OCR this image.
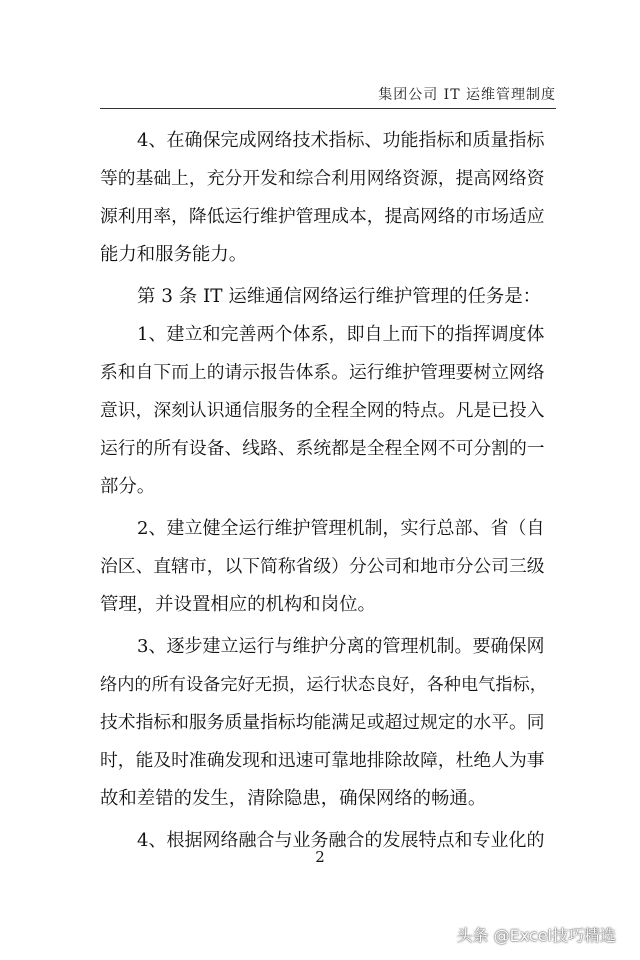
集团公司 IT 运维管理制度
4、在确保完成网络技术指标、功能指标和质量指标
等的基础上，充分开发和综合利用网络资源，提高网络资
源利用率，降低运行维护管理成本，提高网络的市场适应
能力和服务能力。
第 3 条 IT 运维通信网络运行维护管理的任务是：
1、建立和完善两个体系，即自上而下的指挥调度体
系和自下而上的请示报告体系。运行维护管理要树立网络
意识，深刻认识通信服务的全程全网的特点。凡是已投入
运行的所有设备、线路、系统都是全程全网不可分割的一
部分。
2、建立健全运行维护管理机制，实行总部、省（自
治区、直辖市，以下简称省级）分公司和地市分公司三级
管理，并设置相应的机构和岗位。
3、逐步建立运行与维护分离的管理机制。要确保网
络内的所有设备完好无损，运行状态良好，各种电气指标，
技术指标和服务质量指标均能满足或超过规定的水平。同
时，能及时准确发现和迅速可靠地排除故障，杜绝人为事
故和差错的发生，清除隐患，确保网络的畅通。
4、根据网络融合与业务融合的发展特点和专业化的
2
头条 @Excel技巧精选
